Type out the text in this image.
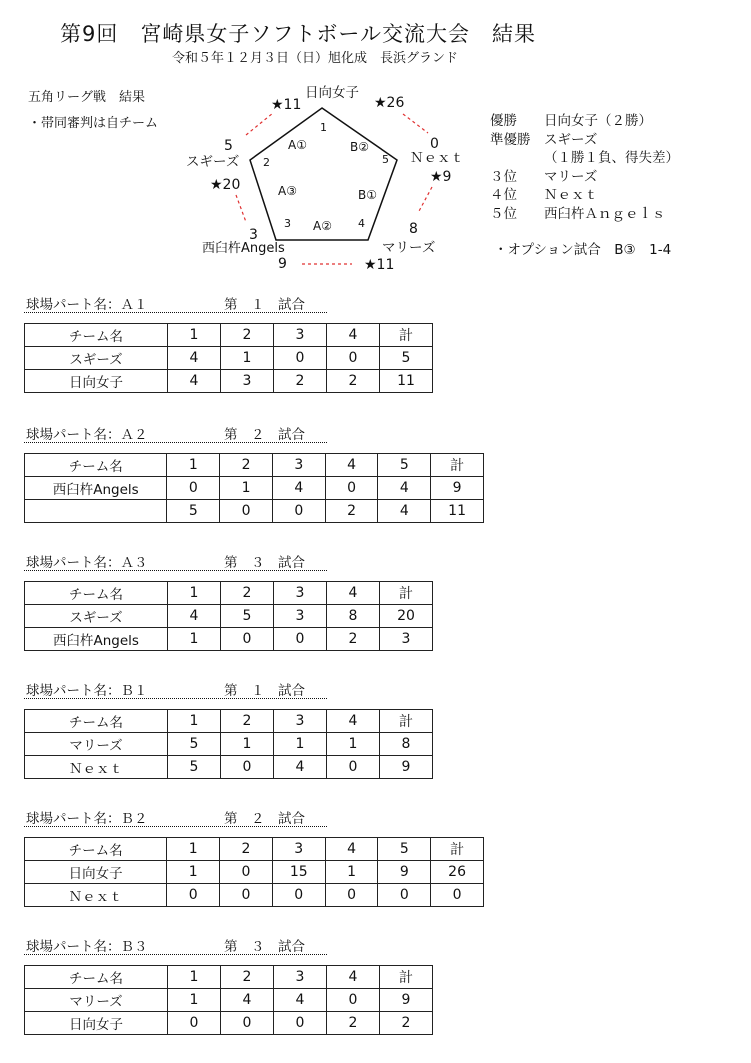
第9回　宮崎県女子ソフトボール交流大会　結果
令和５年１２月３日（日）旭化成　長浜グランド
五角リーグ戦　結果
・帯同審判は自チーム
日向女子
Ｎｅｘｔ
マリーズ
西臼杵Angels
スギーズ
1
5
4
3
2
A①	B②
B①
A②
A③
5	0
8
3
9
★11	★26
★9
★11
★20
優勝	日向女子（２勝）
準優勝	スギーズ
（１勝１負、得失差）
３位	マリーズ
４位	Ｎｅｘｔ
５位	西臼杵Ａｎｇｅｌｓ
・オプション試合　B③　1-4
球場パート名：Ａ１	第　１　試合
チーム名	1	2	3	4	計
スギーズ	4	1	0	0	5
日向女子	4	3	2	2	11
球場パート名：Ａ２	第　２　試合
チーム名	1	2	3	4	5	計
西臼杵Angels	0	1	4	0	4	9
	5	0	0	2	4	11
球場パート名：Ａ３	第　３　試合
チーム名	1	2	3	4	計
スギーズ	4	5	3	8	20
西臼杵Angels	1	0	0	2	3
球場パート名：Ｂ１	第　１　試合
チーム名	1	2	3	4	計
マリーズ	5	1	1	1	8
Ｎｅｘｔ	5	0	4	0	9
球場パート名：Ｂ２	第　２　試合
チーム名	1	2	3	4	5	計
日向女子	1	0	15	1	9	26
Ｎｅｘｔ	0	0	0	0	0	0
球場パート名：Ｂ３	第　３　試合
チーム名	1	2	3	4	計
マリーズ	1	4	4	0	9
日向女子	0	0	0	2	2
